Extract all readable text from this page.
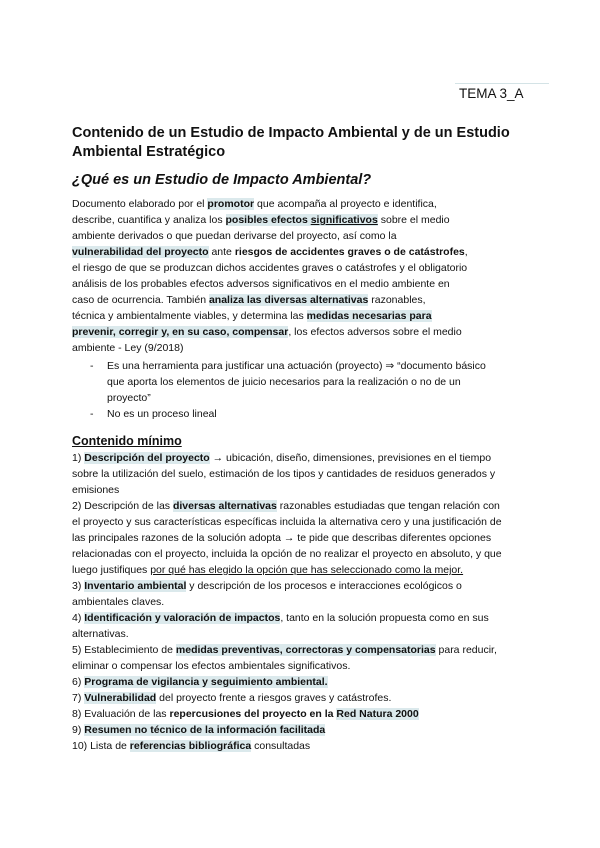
TEMA 3_A
Contenido de un Estudio de Impacto Ambiental y de un Estudio
Ambiental Estratégico
¿Qué es un Estudio de Impacto Ambiental?
Documento elaborado por el promotor que acompaña al proyecto e identifica,
describe, cuantifica y analiza los posibles efectos significativos sobre el medio
ambiente derivados o que puedan derivarse del proyecto, así como la
vulnerabilidad del proyecto ante riesgos de accidentes graves o de catástrofes,
el riesgo de que se produzcan dichos accidentes graves o catástrofes y el obligatorio
análisis de los probables efectos adversos significativos en el medio ambiente en
caso de ocurrencia. También analiza las diversas alternativas razonables,
técnica y ambientalmente viables, y determina las medidas necesarias para
prevenir, corregir y, en su caso, compensar, los efectos adversos sobre el medio
ambiente - Ley (9/2018)
- Es una herramienta para justificar una actuación (proyecto) ⇒ “documento básico
que aporta los elementos de juicio necesarios para la realización o no de un
proyecto”
- No es un proceso lineal
Contenido mínimo
1) Descripción del proyecto → ubicación, diseño, dimensiones, previsiones en el tiempo
sobre la utilización del suelo, estimación de los tipos y cantidades de residuos generados y
emisiones
2) Descripción de las diversas alternativas razonables estudiadas que tengan relación con
el proyecto y sus características específicas incluida la alternativa cero y una justificación de
las principales razones de la solución adopta → te pide que describas diferentes opciones
relacionadas con el proyecto, incluida la opción de no realizar el proyecto en absoluto, y que
luego justifiques por qué has elegido la opción que has seleccionado como la mejor.
3) Inventario ambiental y descripción de los procesos e interacciones ecológicos o
ambientales claves.
4) Identificación y valoración de impactos, tanto en la solución propuesta como en sus
alternativas.
5) Establecimiento de medidas preventivas, correctoras y compensatorias para reducir,
eliminar o compensar los efectos ambientales significativos.
6) Programa de vigilancia y seguimiento ambiental.
7) Vulnerabilidad del proyecto frente a riesgos graves y catástrofes.
8) Evaluación de las repercusiones del proyecto en la Red Natura 2000
9) Resumen no técnico de la información facilitada
10) Lista de referencias bibliográfica consultadas
